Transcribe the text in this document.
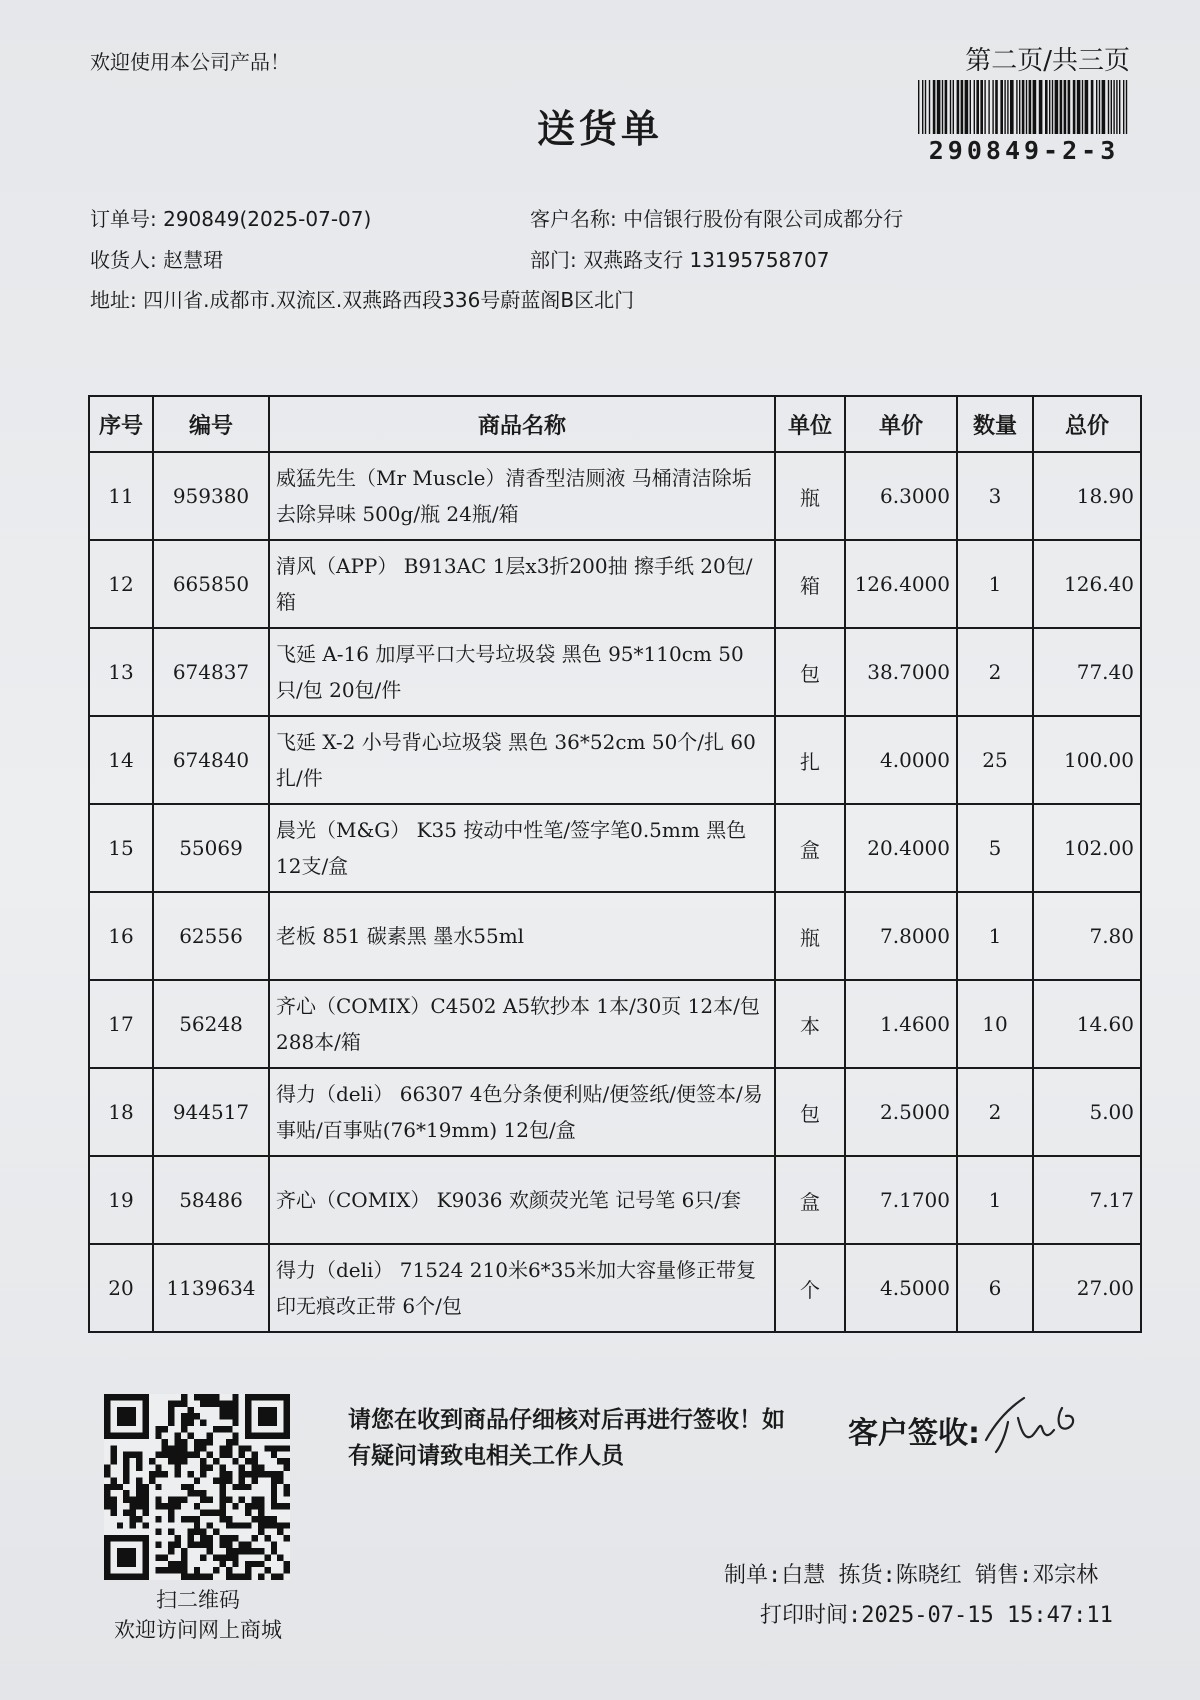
欢迎使用本公司产品！	第二页/共三页
290849-2-3
送货单
订单号: 290849(2025-07-07)	客户名称: 中信银行股份有限公司成都分行
收货人: 赵慧珺	部门: 双燕路支行 13195758707
地址: 四川省.成都市.双流区.双燕路西段336号蔚蓝阁B区北门
序号	编号	商品名称	单位	单价	数量	总价
11	959380	威猛先生（Mr Muscle）清香型洁厕液 马桶清洁除垢去除异味 500g/瓶 24瓶/箱	瓶	6.3000	3	18.90
12	665850	清风（APP） B913AC 1层x3折200抽 擦手纸 20包/箱	箱	126.4000	1	126.40
13	674837	飞延 A-16 加厚平口大号垃圾袋 黑色 95*110cm 50只/包 20包/件	包	38.7000	2	77.40
14	674840	飞延 X-2 小号背心垃圾袋 黑色 36*52cm 50个/扎 60扎/件	扎	4.0000	25	100.00
15	55069	晨光（M&G） K35 按动中性笔/签字笔0.5mm 黑色 12支/盒	盒	20.4000	5	102.00
16	62556	老板 851 碳素黑 墨水55ml	瓶	7.8000	1	7.80
17	56248	齐心（COMIX）C4502 A5软抄本 1本/30页 12本/包 288本/箱	本	1.4600	10	14.60
18	944517	得力（deli） 66307 4色分条便利贴/便签纸/便签本/易事贴/百事贴(76*19mm) 12包/盒	包	2.5000	2	5.00
19	58486	齐心（COMIX） K9036 欢颜荧光笔 记号笔 6只/套	盒	7.1700	1	7.17
20	1139634	得力（deli） 71524 210米6*35米加大容量修正带复印无痕改正带 6个/包	个	4.5000	6	27.00
扫二维码
欢迎访问网上商城
请您在收到商品仔细核对后再进行签收！如有疑问请致电相关工作人员
客户签收:
制单:白慧 拣货:陈晓红 销售:邓宗林
打印时间:2025-07-15 15:47:11
